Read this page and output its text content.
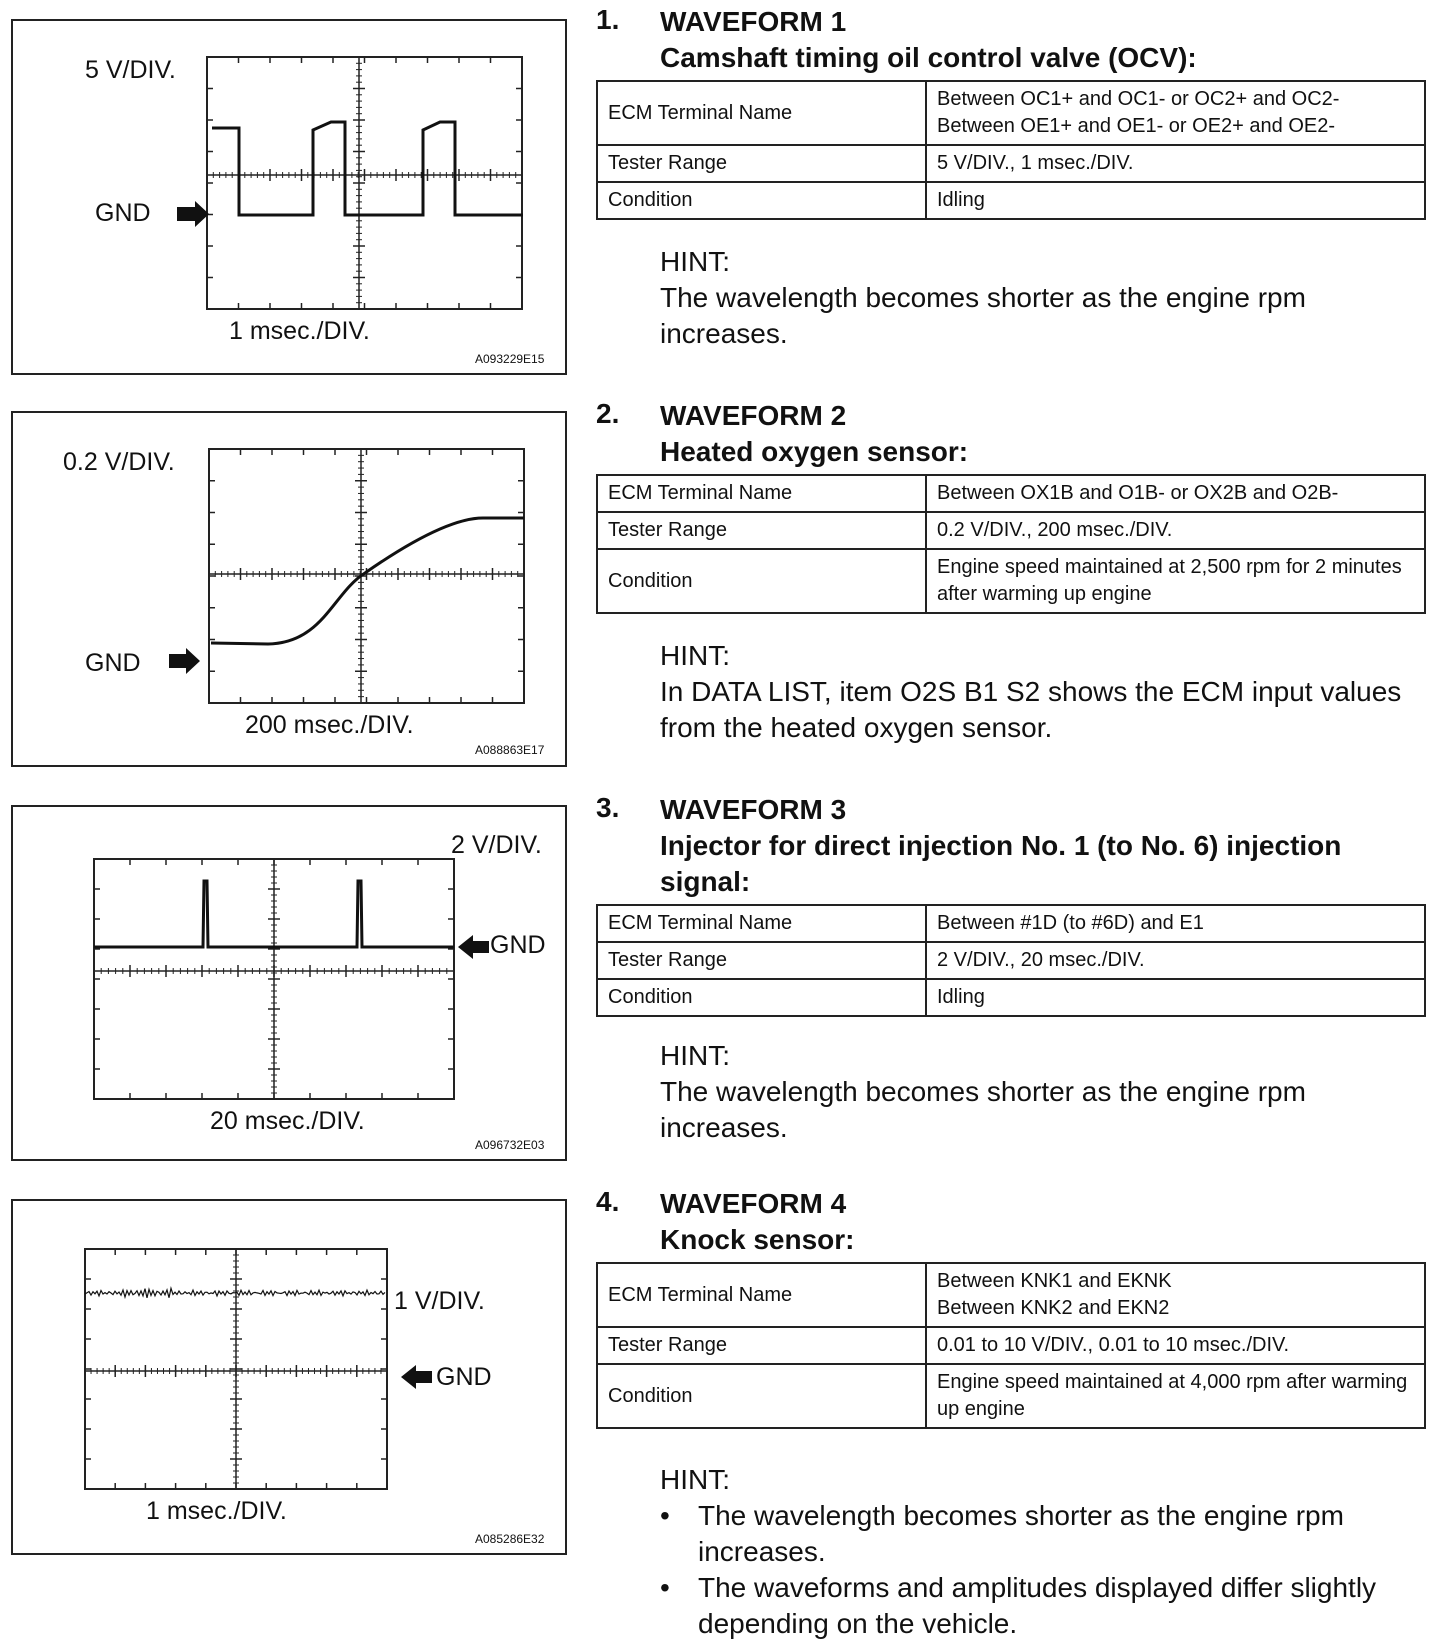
5 V/DIV.
GND
1 msec./DIV.
A093229E15
0.2 V/DIV.
GND
200 msec./DIV.
A088863E17
2 V/DIV.
GND
20 msec./DIV.
A096732E03
1 V/DIV.
GND
1 msec./DIV.
A085286E32
1. WAVEFORM 1
Camshaft timing oil control valve (OCV):
ECM Terminal Name	Between OC1+ and OC1- or OC2+ and OC2-
Between OE1+ and OE1- or OE2+ and OE2-

Tester Range	5 V/DIV., 1 msec./DIV.
Condition	Idling
HINT:
The wavelength becomes shorter as the engine rpm increases.
2. WAVEFORM 2
Heated oxygen sensor:
ECM Terminal Name	Between OX1B and O1B- or OX2B and O2B-
Tester Range	0.2 V/DIV., 200 msec./DIV.
Condition	Engine speed maintained at 2,500 rpm for 2 minutes after warming up engine
HINT:
In DATA LIST, item O2S B1 S2 shows the ECM input values from the heated oxygen sensor.
3. WAVEFORM 3
Injector for direct injection No. 1 (to No. 6) injection signal:
ECM Terminal Name	Between #1D (to #6D) and E1
Tester Range	2 V/DIV., 20 msec./DIV.
Condition	Idling
HINT:
The wavelength becomes shorter as the engine rpm increases.
4. WAVEFORM 4
Knock sensor:
ECM Terminal Name	Between KNK1 and EKNK
Between KNK2 and EKN2

Tester Range	0.01 to 10 V/DIV., 0.01 to 10 msec./DIV.
Condition	Engine speed maintained at 4,000 rpm after warming up engine
HINT:
•	The wavelength becomes shorter as the engine rpm increases.
•	The waveforms and amplitudes displayed differ slightly depending on the vehicle.
